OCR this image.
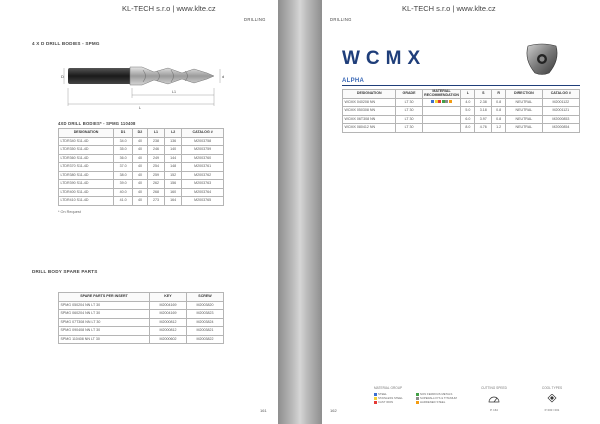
KL-TECH s.r.o | www.klte.cz
DRILLING
4 X D DRILL BODIES - SPMG
D	d
L1
L
4XD DRILL BODIES* - SPMG 110408
DESIGNATION	D1	D2	L1	L2	CATALOG #
LTDR340 S11-4D	34.0	40	238	136	M2003758
LTDR350 S11-4D	35.0	40	246	140	M2003759
LTDR360 S11-4D	36.0	40	249	144	M2003760
LTDR370 S11-4D	37.0	40	254	148	M2003761
LTDR380 S11-4D	38.0	40	259	152	M2003762
LTDR390 S11-4D	39.0	40	262	156	M2003763
LTDR400 S11-4D	40.0	40	268	160	M2003764
LTDR410 S11-4D	41.0	40	273	164	M2003765
* On Request
DRILL BODY SPARE PARTS
SPARE PARTS PER INSERT	KEY	SCREW
SPMG 050204 NN LT 30	M2004169	M2003820
SPMG 060204 NN LT 30	M2004169	M2003823
SPMG 07T308 NN LT 30	M2000812	M2003824
SPMG 090408 NN LT 30	M2000812	M2003821
SPMG 110408 NN LT 30	M2000602	M2003822
161
DRILLING
KL-TECH s.r.o | www.klte.cz
WCMX
ALPHA
DESIGNATION	GRADE	MATERIAL RECOMMENDATION	L	S	R	DIRECTION	CATALOG #
WCMX 040208 NN	LT 30		4.0	2.38	0.8	NEUTRAL	M2001122
WCMX 050308 NN	LT 30		5.0	3.18	0.8	NEUTRAL	M2001121
WCMX 06T308 NN	LT 30		6.0	3.97	0.8	NEUTRAL	M2000853
WCMX 080412 NN	LT 30		8.0	4.76	1.2	NEUTRAL	M2000854
MATERIAL GROUP
STEEL	NON FERROUS METALS
STAINLESS STEEL	SUPERALLOYS & TITANIUM
CAST IRON	HARDENED STEEL
CUTTING SPEED
P. 164
COOL TYPES
P. 000 / 001
162
